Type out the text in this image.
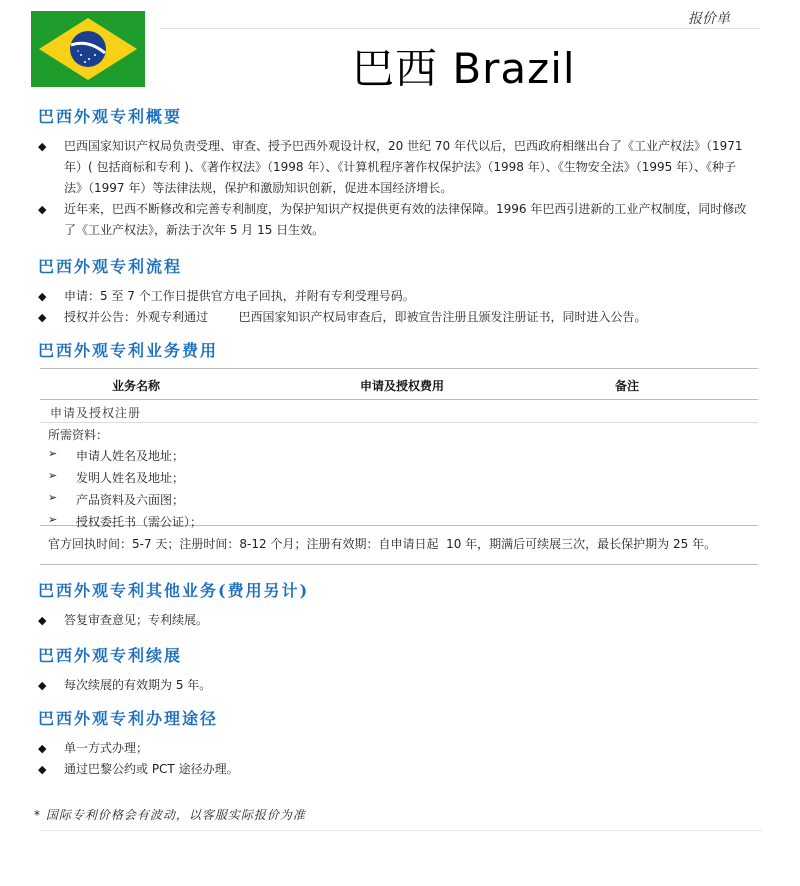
报价单
巴西 Brazil
巴西外观专利概要
◆ 巴西国家知识产权局负责受理、审查、授予巴西外观设计权，20 世纪 70 年代以后，巴西政府相继出台了《工业产权法》（1971年）( 包括商标和专利 )、《著作权法》（1998 年）、《计算机程序著作权保护法》（1998 年）、《生物安全法》（1995 年）、《种子法》（1997 年）等法律法规，保护和激励知识创新，促进本国经济增长。
◆ 近年来，巴西不断修改和完善专利制度，为保护知识产权提供更有效的法律保障。1996 年巴西引进新的工业产权制度，同时修改了《工业产权法》，新法于次年 5 月 15 日生效。
巴西外观专利流程
◆ 申请：5 至 7 个工作日提供官方电子回执，并附有专利受理号码。
◆ 授权并公告：外观专利通过        巴西国家知识产权局审查后，即被宣告注册且颁发注册证书，同时进入公告。
巴西外观专利业务费用
业务名称	申请及授权费用	备注
申请及授权注册
所需资料：
➢ 申请人姓名及地址；
➢ 发明人姓名及地址；
➢ 产品资料及六面图；
➢ 授权委托书（需公证）；
官方回执时间：5-7 天；注册时间：8-12 个月；注册有效期：自申请日起  10 年，期满后可续展三次，最长保护期为 25 年。
巴西外观专利其他业务(费用另计)
◆ 答复审查意见；专利续展。
巴西外观专利续展
◆ 每次续展的有效期为 5 年。
巴西外观专利办理途径
◆ 单一方式办理；
◆ 通过巴黎公约或 PCT 途径办理。
* 国际专利价格会有波动，以客服实际报价为准
